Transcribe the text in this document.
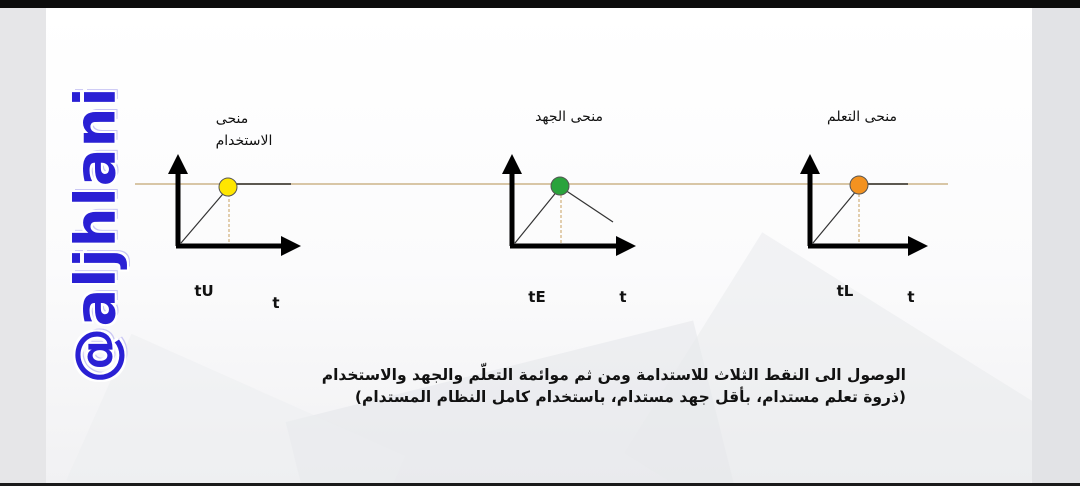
@aljhlani	منحى
الاستخدام
tU
t
منحى الجهد
tE	t
منحى التعلم
tL	t
الوصول الى النقط الثلاث للاستدامة ومن ثم موائمة التعلّم والجهد والاستخدام
(ذروة تعلم مستدام، بأقل جهد مستدام، باستخدام كامل النظام المستدام)
